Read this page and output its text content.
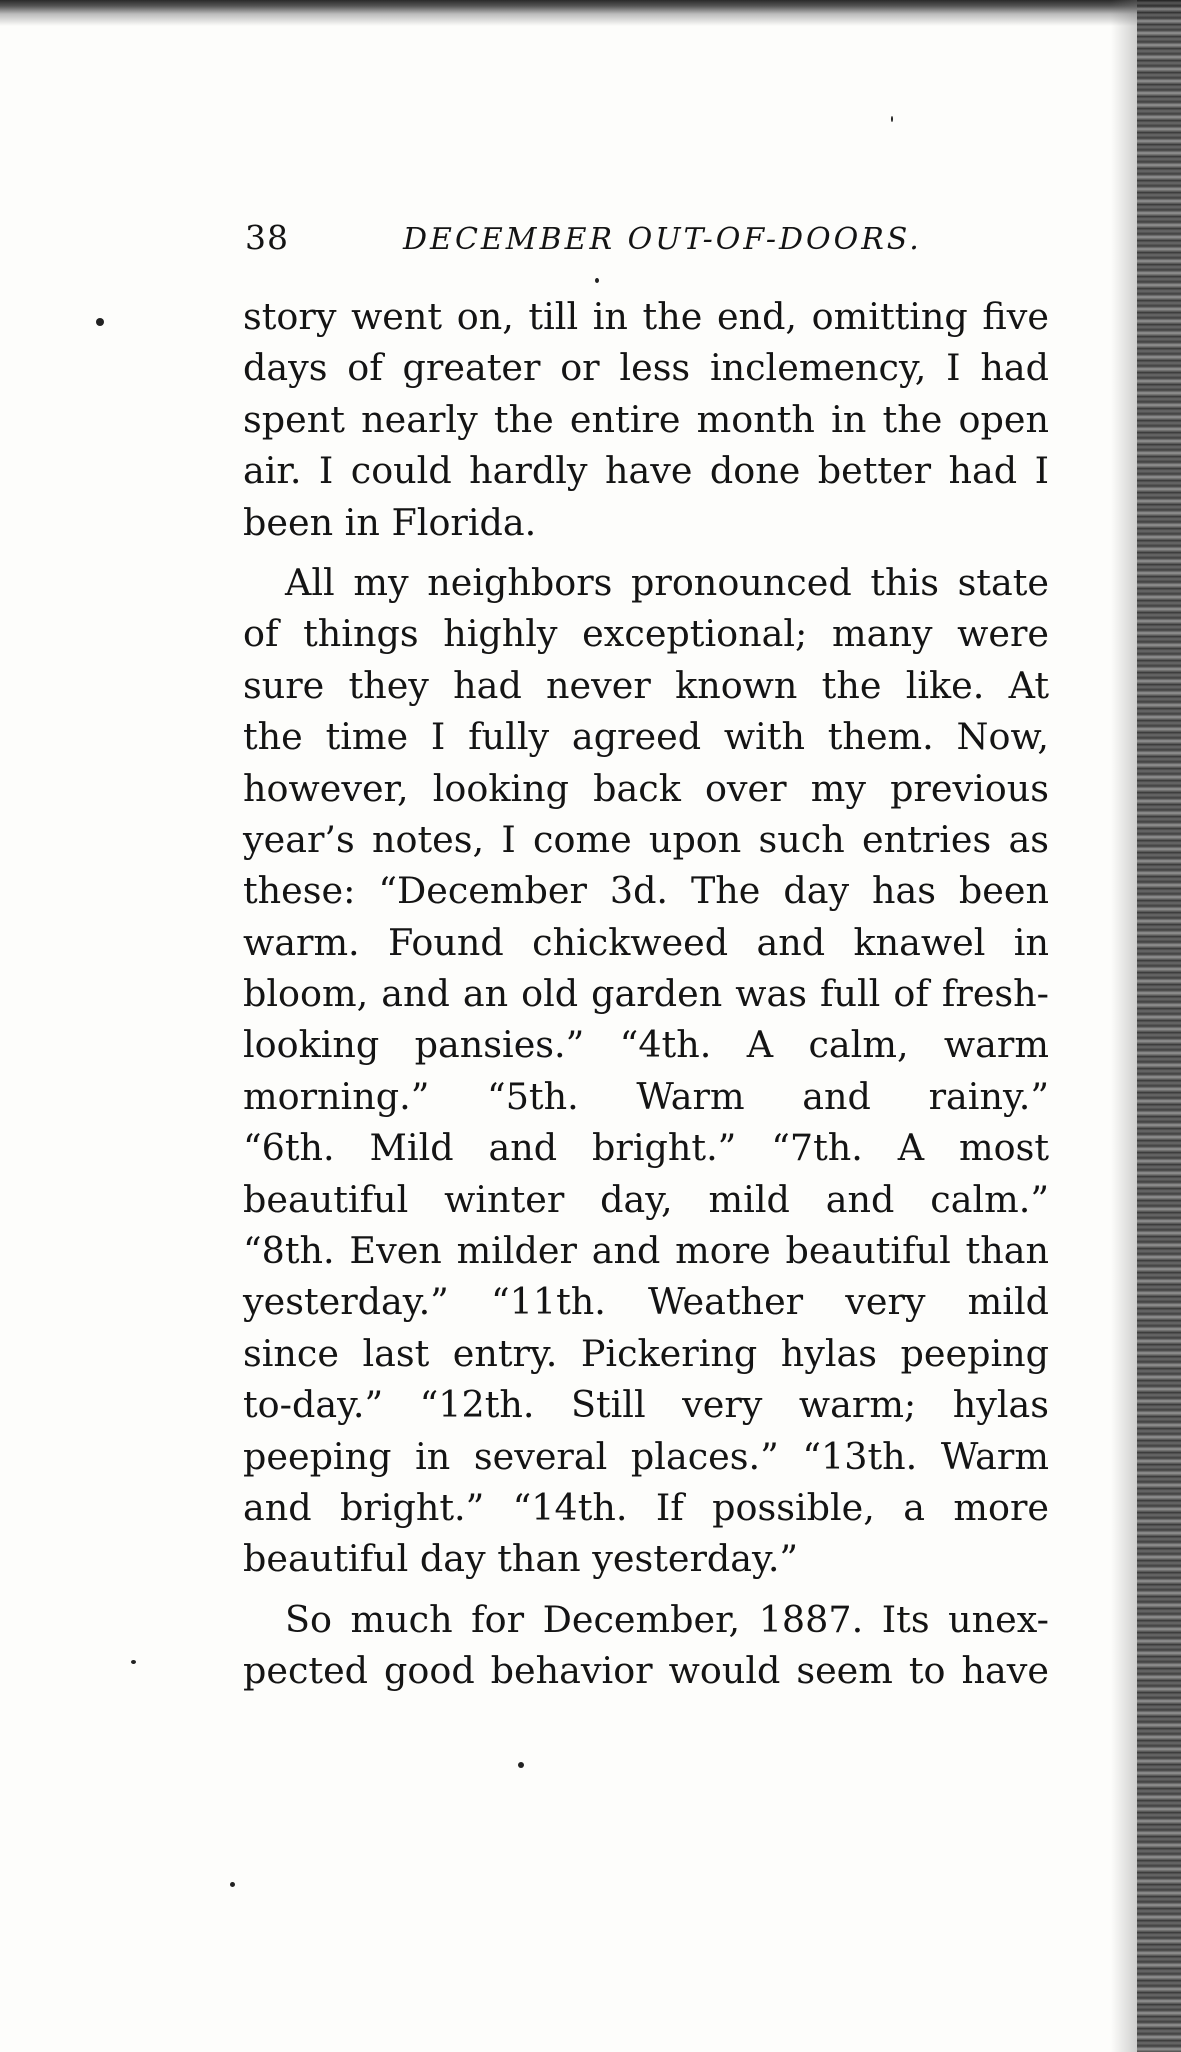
38	DECEMBER OUT-OF-DOORS.
story went on, till in the end, omitting five
days of greater or less inclemency, I had
spent nearly the entire month in the open
air. I could hardly have done better had I
been in Florida.
All my neighbors pronounced this state
of things highly exceptional; many were
sure they had never known the like. At
the time I fully agreed with them. Now,
however, looking back over my previous
year’s notes, I come upon such entries as
these: “December 3d. The day has been
warm. Found chickweed and knawel in
bloom, and an old garden was full of fresh-
looking pansies.” “4th. A calm, warm
morning.” “5th. Warm and rainy.”
“6th. Mild and bright.” “7th. A most
beautiful winter day, mild and calm.”
“8th. Even milder and more beautiful than
yesterday.” “11th. Weather very mild
since last entry. Pickering hylas peeping
to-day.” “12th. Still very warm; hylas
peeping in several places.” “13th. Warm
and bright.” “14th. If possible, a more
beautiful day than yesterday.”
So much for December, 1887. Its unex-
pected good behavior would seem to have
